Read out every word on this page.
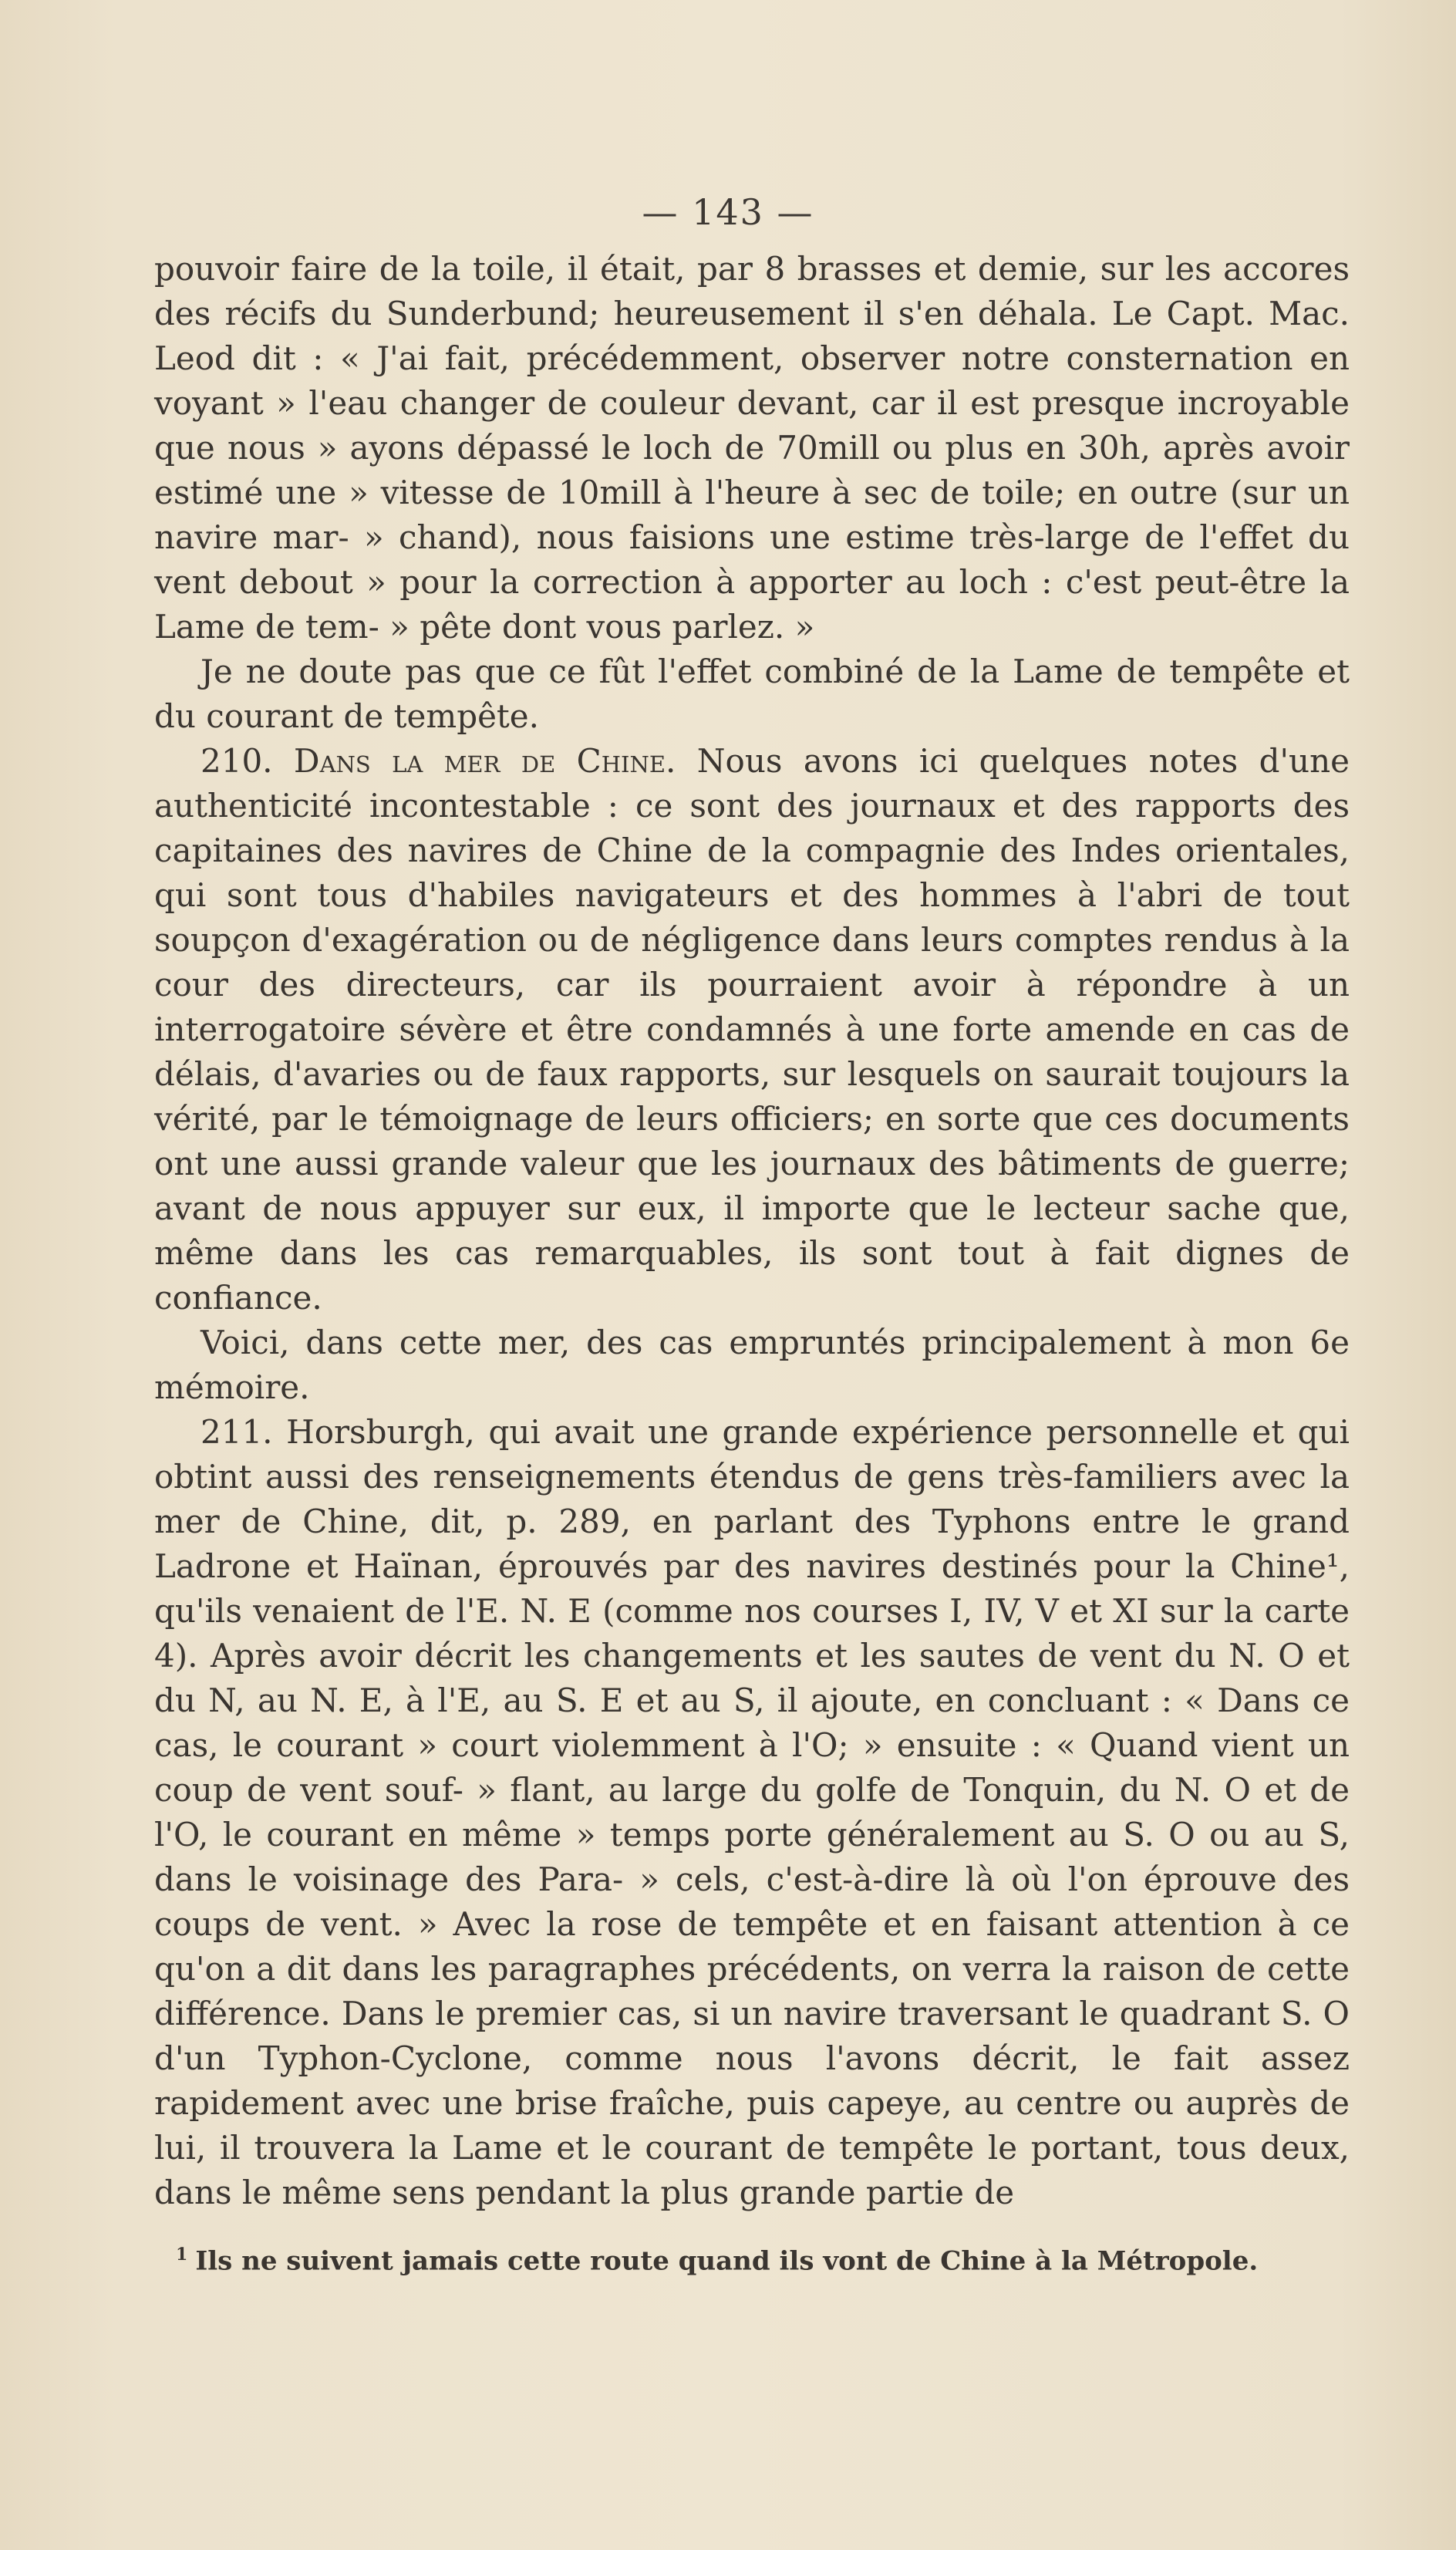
— 143 —

pouvoir faire de la toile, il était, par 8 brasses et demie, sur les accores des récifs du Sunderbund; heureusement il s'en déhala. Le Capt. Mac. Leod dit : « J'ai fait, précédemment, observer notre consternation en voyant » l'eau changer de couleur devant, car il est presque incroyable que nous » ayons dépassé le loch de 70mill ou plus en 30h, après avoir estimé une » vitesse de 10mill à l'heure à sec de toile; en outre (sur un navire mar- » chand), nous faisions une estime très-large de l'effet du vent debout » pour la correction à apporter au loch : c'est peut-être la Lame de tem- » pête dont vous parlez. »

Je ne doute pas que ce fût l'effet combiné de la Lame de tempête et du courant de tempête.

210. Dans la mer de Chine. Nous avons ici quelques notes d'une authenticité incontestable : ce sont des journaux et des rapports des capitaines des navires de Chine de la compagnie des Indes orientales, qui sont tous d'habiles navigateurs et des hommes à l'abri de tout soupçon d'exagération ou de négligence dans leurs comptes rendus à la cour des directeurs, car ils pourraient avoir à répondre à un interrogatoire sévère et être condamnés à une forte amende en cas de délais, d'avaries ou de faux rapports, sur lesquels on saurait toujours la vérité, par le témoignage de leurs officiers; en sorte que ces documents ont une aussi grande valeur que les journaux des bâtiments de guerre; avant de nous appuyer sur eux, il importe que le lecteur sache que, même dans les cas remarquables, ils sont tout à fait dignes de confiance.

Voici, dans cette mer, des cas empruntés principalement à mon 6e mémoire.

211. Horsburgh, qui avait une grande expérience personnelle et qui obtint aussi des renseignements étendus de gens très-familiers avec la mer de Chine, dit, p. 289, en parlant des Typhons entre le grand Ladrone et Haïnan, éprouvés par des navires destinés pour la Chine¹, qu'ils venaient de l'E. N. E (comme nos courses I, IV, V et XI sur la carte 4). Après avoir décrit les changements et les sautes de vent du N. O et du N, au N. E, à l'E, au S. E et au S, il ajoute, en concluant : « Dans ce cas, le courant » court violemment à l'O; » ensuite : « Quand vient un coup de vent souf- » flant, au large du golfe de Tonquin, du N. O et de l'O, le courant en même » temps porte généralement au S. O ou au S, dans le voisinage des Para- » cels, c'est-à-dire là où l'on éprouve des coups de vent. » Avec la rose de tempête et en faisant attention à ce qu'on a dit dans les paragraphes précédents, on verra la raison de cette différence. Dans le premier cas, si un navire traversant le quadrant S. O d'un Typhon-Cyclone, comme nous l'avons décrit, le fait assez rapidement avec une brise fraîche, puis capeye, au centre ou auprès de lui, il trouvera la Lame et le courant de tempête le portant, tous deux, dans le même sens pendant la plus grande partie de

$^1$ Ils ne suivent jamais cette route quand ils vont de Chine à la Métropole.
